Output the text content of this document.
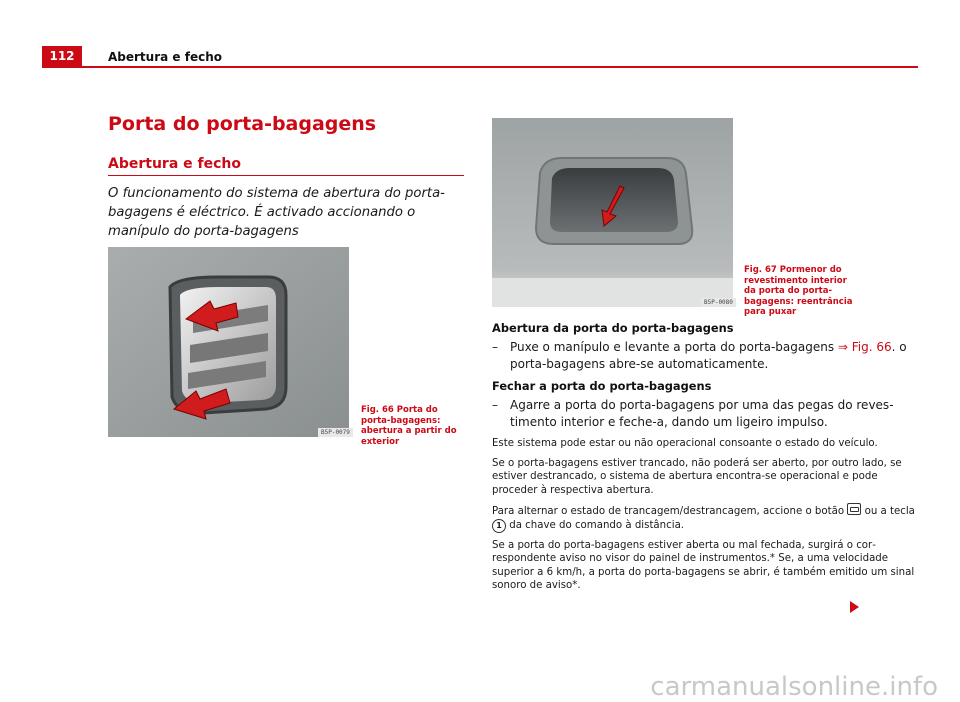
112	Abertura e fecho
Porta do porta-bagagens
Abertura e fecho

O funcionamento do sistema de abertura do porta-bagagens é eléctrico. É activado accionando o manípulo do porta-bagagens

B5P-0079
Fig. 66 Porta do porta-bagagens: abertura a partir do exterior
B5P-0080
Fig. 67 Pormenor do revestimento interior da porta do porta-bagagens: reentrância para puxar

Abertura da porta do porta-bagagens

– Puxe o manípulo e levante a porta do porta-bagagens ⇒ Fig. 66. o porta-bagagens abre-se automaticamente.

Fechar a porta do porta-bagagens

– Agarre a porta do porta-bagagens por uma das pegas do revestimento interior e feche-a, dando um ligeiro impulso.

Este sistema pode estar ou não operacional consoante o estado do veículo.

Se o porta-bagagens estiver trancado, não poderá ser aberto, por outro lado, se estiver destrancado, o sistema de abertura encontra-se operacional e pode proceder à respectiva abertura.

Para alternar o estado de trancagem/destrancagem, accione o botão  ou a tecla 1 da chave do comando à distância.

Se a porta do porta-bagagens estiver aberta ou mal fechada, surgirá o correspondente aviso no visor do painel de instrumentos.* Se, a uma velocidade superior a 6 km/h, a porta do porta-bagagens se abrir, é também emitido um sinal sonoro de aviso*.

carmanualsonline.info
